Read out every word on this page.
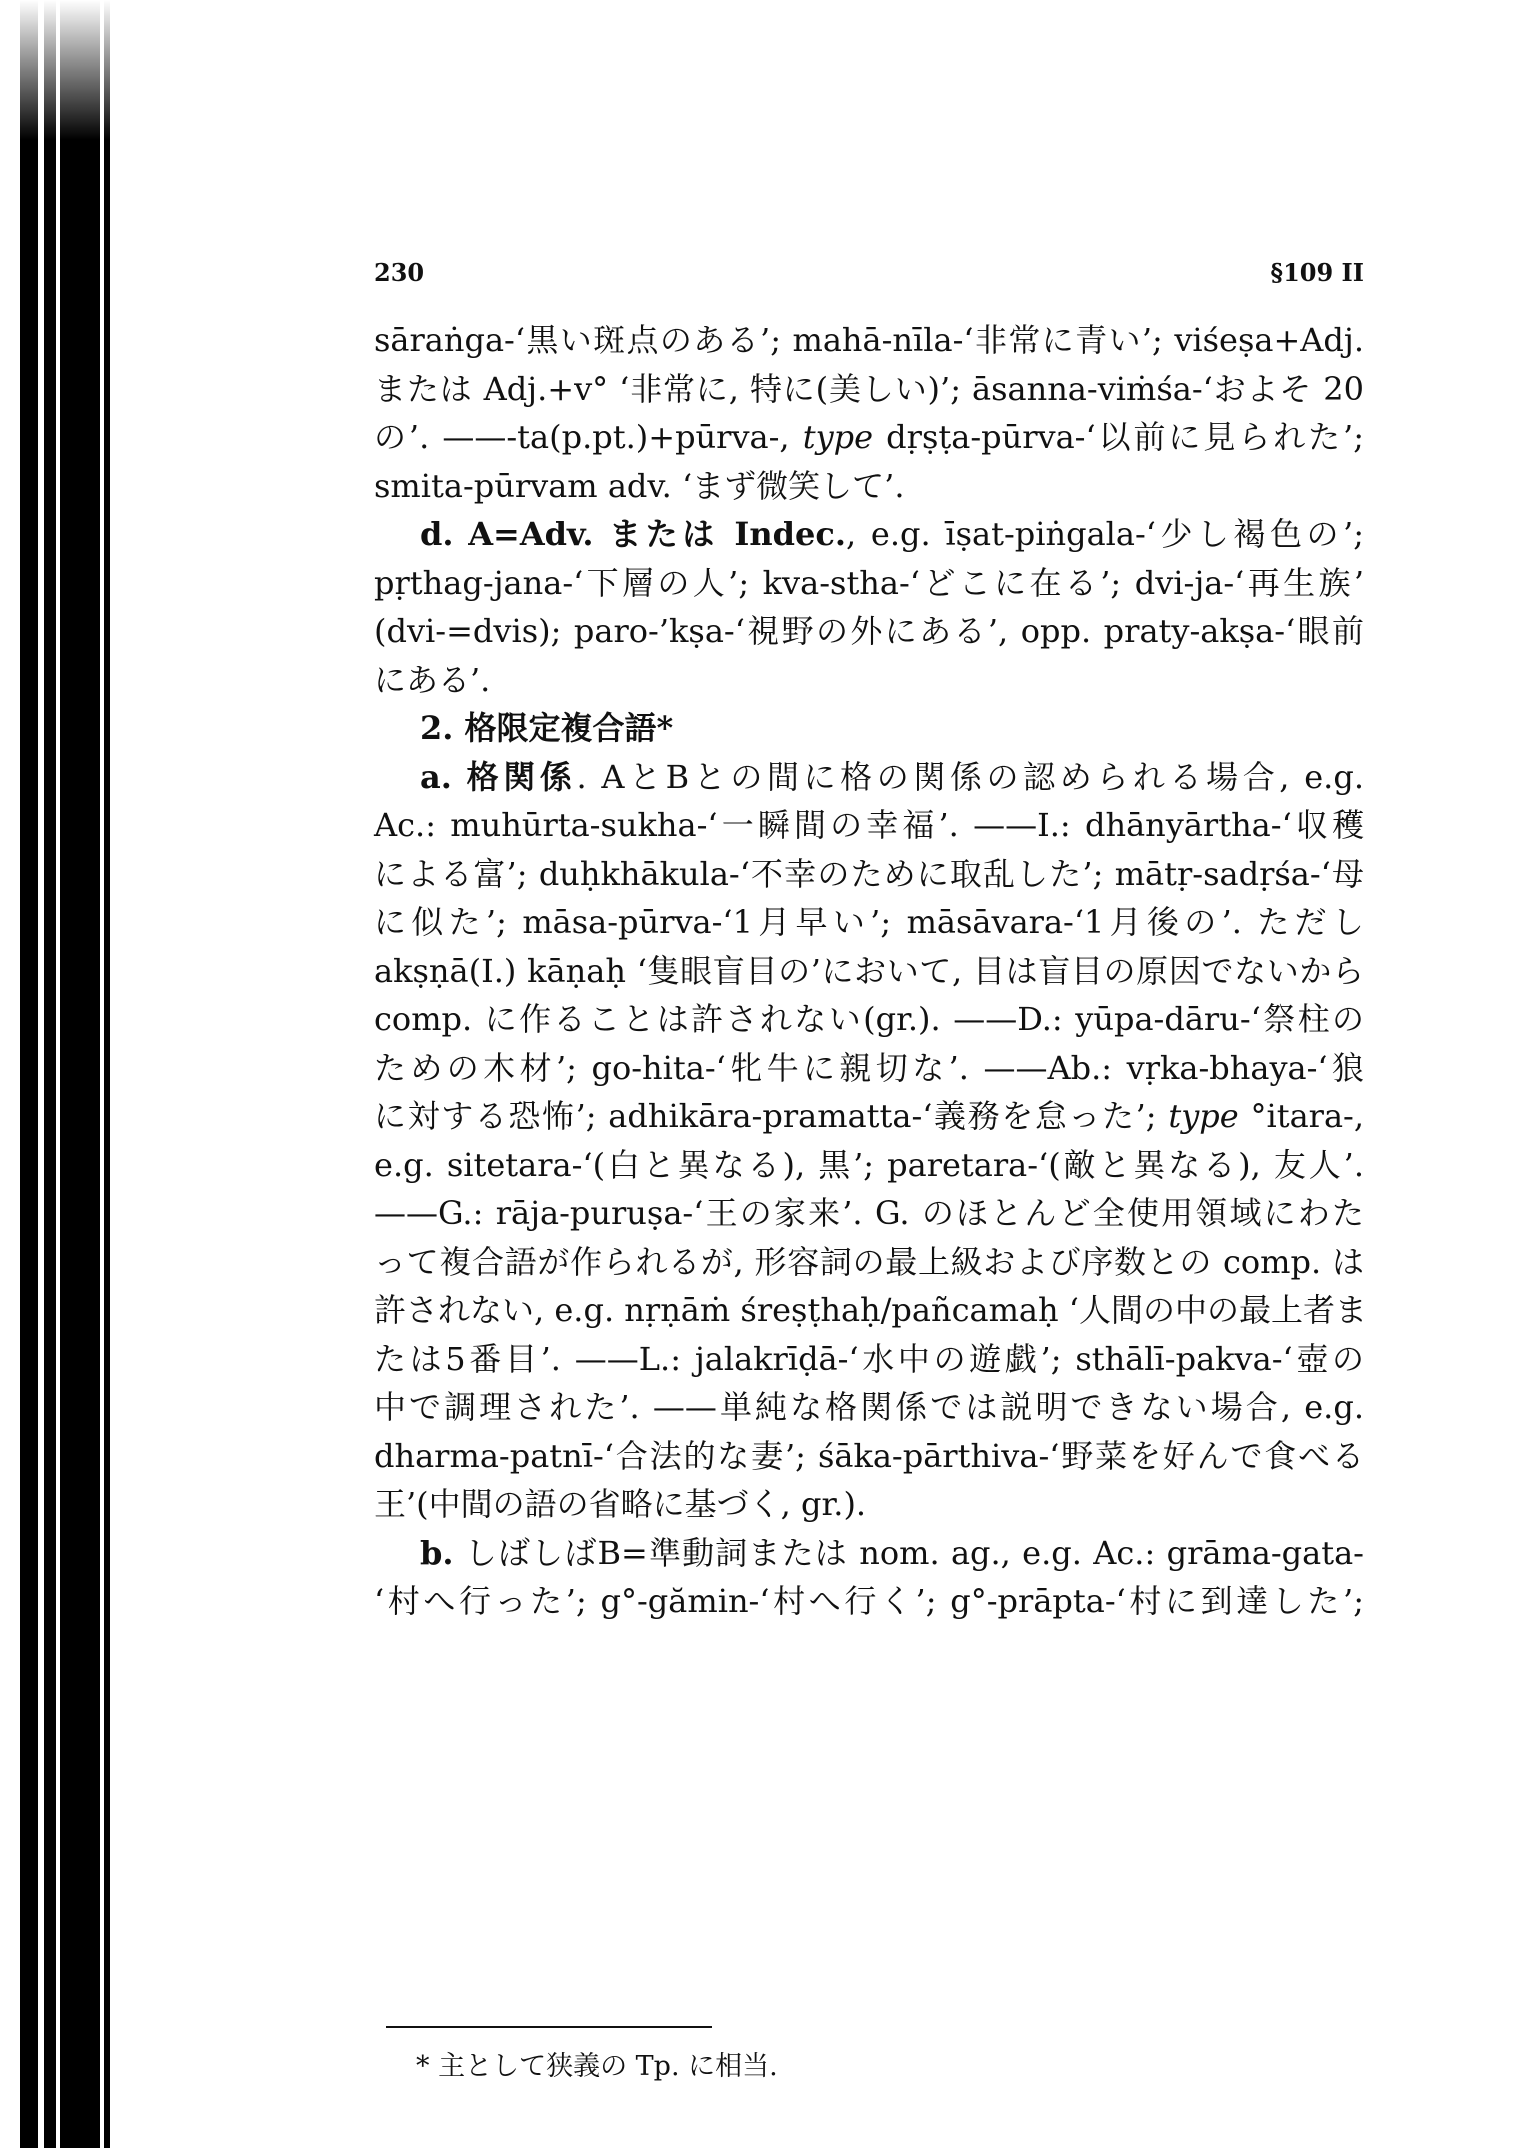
230	§109 II
sāraṅga-‘黒い斑点のある’; mahā-nīla-‘非常に青い’; viśeṣa+Adj.
または Adj.+v° ‘非常に, 特に(美しい)’; āsanna-viṁśa-‘およそ 20
の’. ——-ta(p.pt.)+pūrva-, type dṛṣṭa-pūrva-‘以前に見られた’;
smita-pūrvam adv. ‘まず微笑して’.
d. A=Adv. または Indec., e.g. īṣat-piṅgala-‘少し褐色の’;
pṛthag-jana-‘下層の人’; kva-stha-‘どこに在る’; dvi-ja-‘再生族’
(dvi-=dvis); paro-’kṣa-‘視野の外にある’, opp. praty-akṣa-‘眼前
にある’.
2. 格限定複合語*
a. 格関係. AとBとの間に格の関係の認められる場合, e.g.
Ac.: muhūrta-sukha-‘一瞬間の幸福’. ——I.: dhānyārtha-‘収穫
による富’; duḥkhākula-‘不幸のために取乱した’; mātṛ-sadṛśa-‘母
に似た’; māsa-pūrva-‘1月早い’; māsāvara-‘1月後の’. ただし
akṣṇā(I.) kāṇaḥ ‘隻眼盲目の’において, 目は盲目の原因でないから
comp. に作ることは許されない(gr.). ——D.: yūpa-dāru-‘祭柱の
ための木材’; go-hita-‘牝牛に親切な’. ——Ab.: vṛka-bhaya-‘狼
に対する恐怖’; adhikāra-pramatta-‘義務を怠った’; type °itara-,
e.g. sitetara-‘(白と異なる), 黒’; paretara-‘(敵と異なる), 友人’.
——G.: rāja-puruṣa-‘王の家来’. G. のほとんど全使用領域にわた
って複合語が作られるが, 形容詞の最上級および序数との comp. は
許されない, e.g. nṛṇāṁ śreṣṭhaḥ/pañcamaḥ ‘人間の中の最上者ま
たは5番目’. ——L.: jalakrīḍā-‘水中の遊戯’; sthālī-pakva-‘壺の
中で調理された’. ——単純な格関係では説明できない場合, e.g.
dharma-patnī-‘合法的な妻’; śāka-pārthiva-‘野菜を好んで食べる
王’(中間の語の省略に基づく, gr.).
b. しばしばB=準動詞または nom. ag., e.g. Ac.: grāma-gata-
‘村へ行った’; g°-gămin-‘村へ行く’; g°-prāpta-‘村に到達した’;
* 主として狭義の Tp. に相当.
